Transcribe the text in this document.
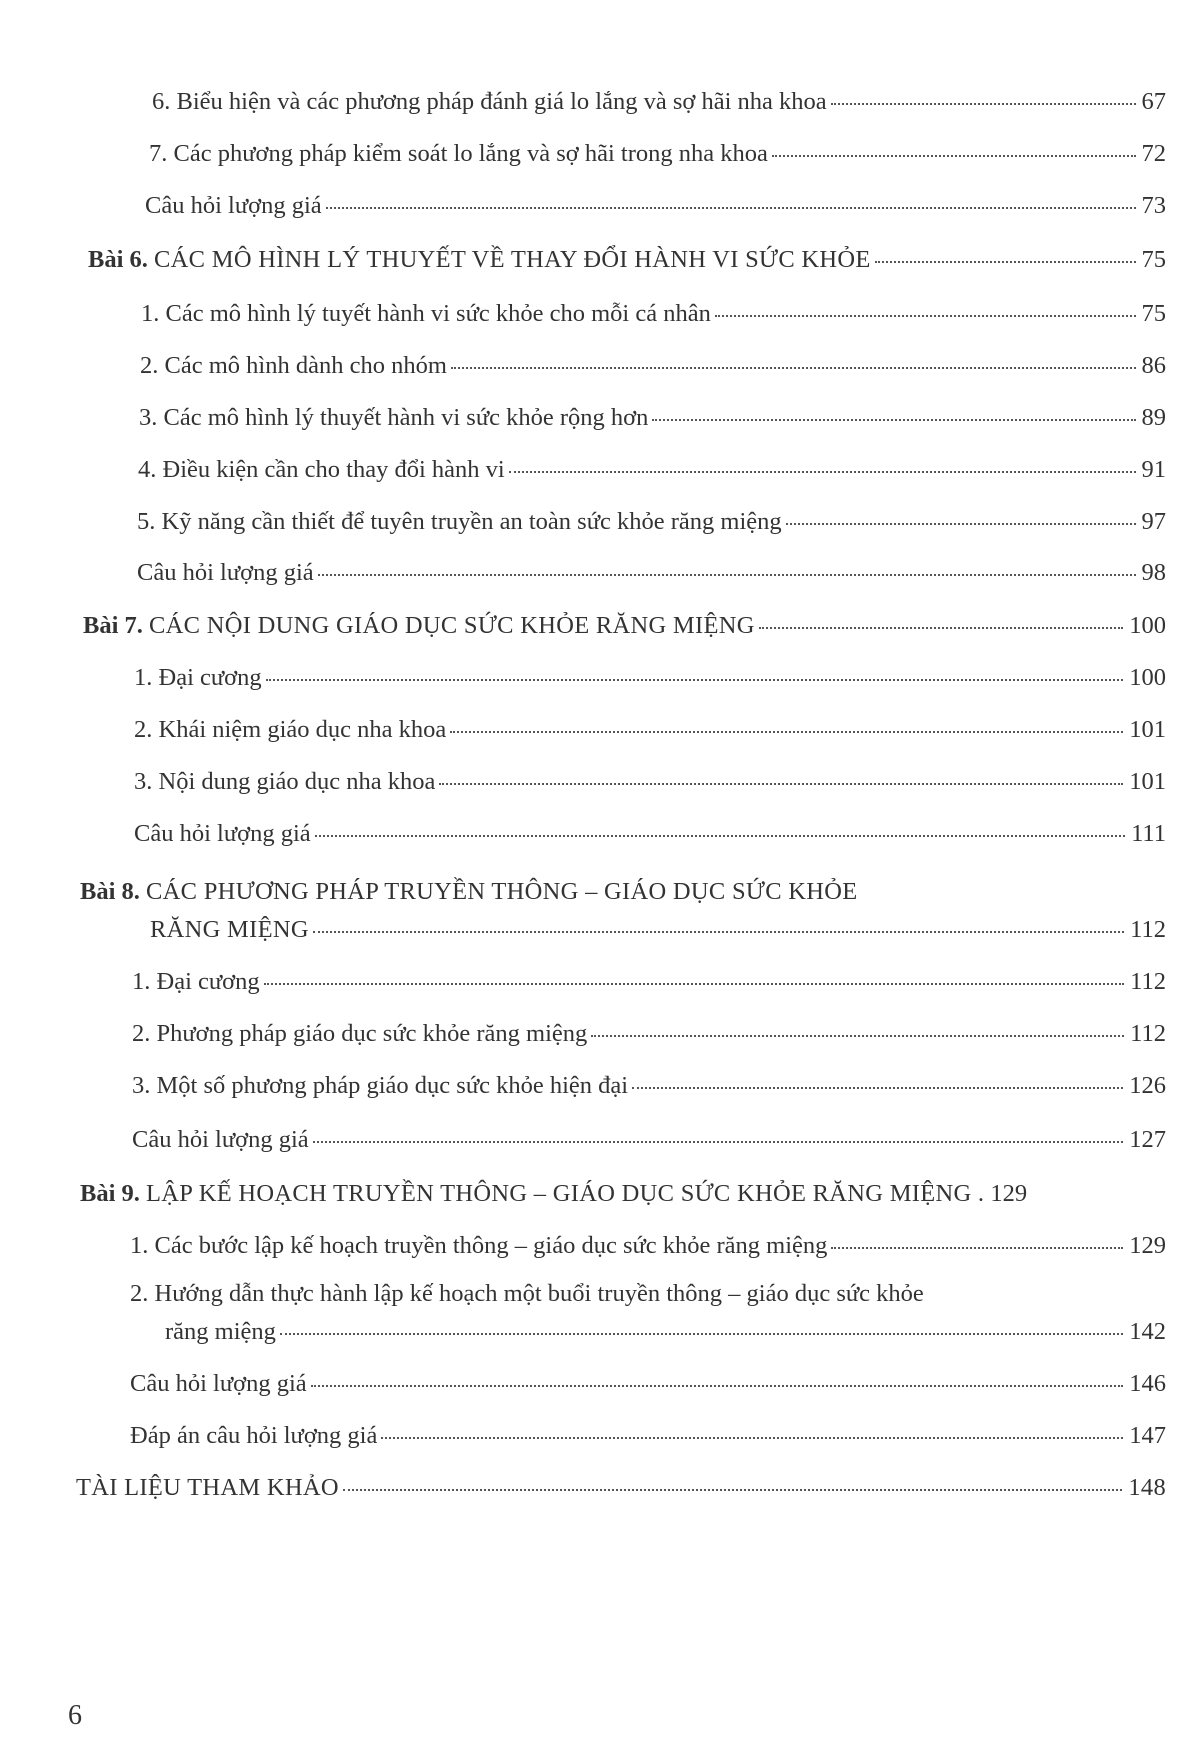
6. Biểu hiện và các phương pháp đánh giá lo lắng và sợ hãi nha khoa	67
7. Các phương pháp kiểm soát lo lắng và sợ hãi trong nha khoa	72
Câu hỏi lượng giá	73
Bài 6. CÁC MÔ HÌNH LÝ THUYẾT VỀ THAY ĐỔI HÀNH VI SỨC KHỎE	75
1. Các mô hình lý tuyết hành vi sức khỏe cho mỗi cá nhân	75
2. Các mô hình dành cho nhóm	86
3. Các mô hình lý thuyết hành vi sức khỏe rộng hơn	89
4. Điều kiện cần cho thay đổi hành vi	91
5. Kỹ năng cần thiết để tuyên truyền an toàn sức khỏe răng miệng	97
Câu hỏi lượng giá	98
Bài 7. CÁC NỘI DUNG GIÁO DỤC SỨC KHỎE RĂNG MIỆNG	100
1. Đại cương	100
2. Khái niệm giáo dục nha khoa	101
3. Nội dung giáo dục nha khoa	101
Câu hỏi lượng giá	111
Bài 8. CÁC PHƯƠNG PHÁP TRUYỀN THÔNG – GIÁO DỤC SỨC KHỎE
RĂNG MIỆNG	112
1. Đại cương	112
2. Phương pháp giáo dục sức khỏe răng miệng	112
3. Một số phương pháp giáo dục sức khỏe hiện đại	126
Câu hỏi lượng giá	127
Bài 9. LẬP KẾ HOẠCH TRUYỀN THÔNG – GIÁO DỤC SỨC KHỎE RĂNG MIỆNG . 129
1. Các bước lập kế hoạch truyền thông – giáo dục sức khỏe răng miệng	129
2. Hướng dẫn thực hành lập kế hoạch một buổi truyền thông – giáo dục sức khỏe
răng miệng	142
Câu hỏi lượng giá	146
Đáp án câu hỏi lượng giá	147
TÀI LIỆU THAM KHẢO	148
6
